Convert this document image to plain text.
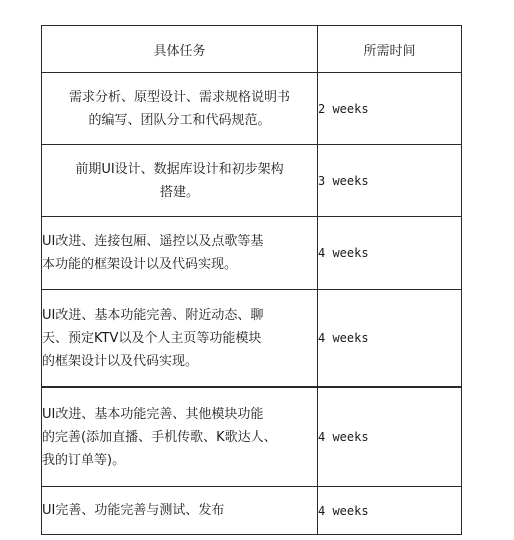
具体任务	所需时间

需求分析、原型设计、需求规格说明书
的编写、团队分工和代码规范。	2 weeks

前期UI设计、数据库设计和初步架构
搭建。	3 weeks

UI改进、连接包厢、遥控以及点歌等基
本功能的框架设计以及代码实现。	4 weeks

UI改进、基本功能完善、附近动态、聊
天、预定KTV以及个人主页等功能模块
的框架设计以及代码实现。	4 weeks

UI改进、基本功能完善、其他模块功能
的完善(添加直播、手机传歌、K歌达人、
我的订单等)。	4 weeks

UI完善、功能完善与测试、发布	4 weeks
